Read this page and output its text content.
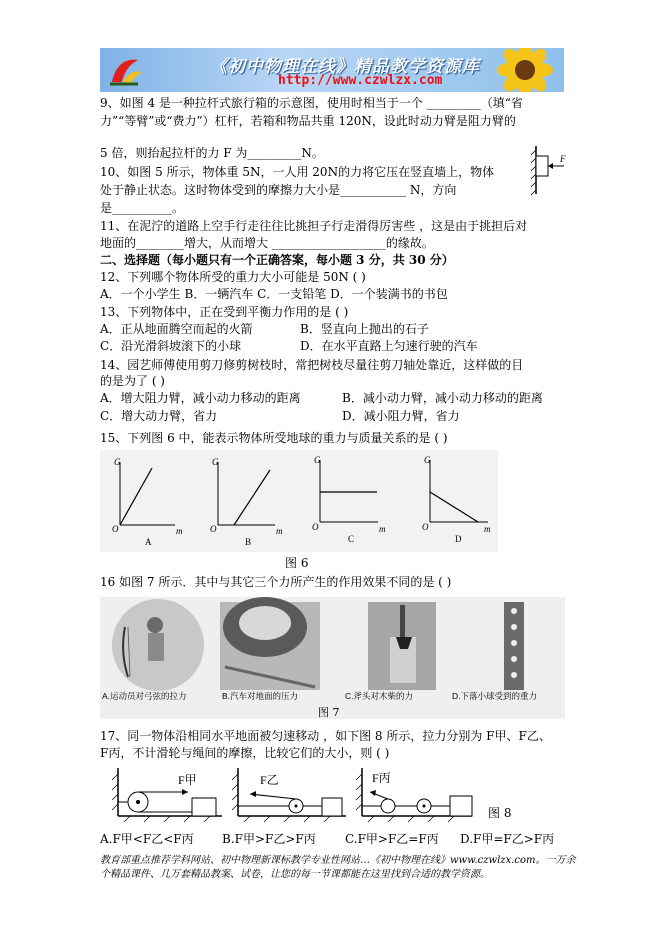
《初中物理在线》精品教学资源库
http://www.czwlzx.com
9、如图 4 是一种拉杆式旅行箱的示意图，使用时相当于一个 _________（填“省
力”“等臂”或“费力”）杠杆，若箱和物品共重 120N，设此时动力臂是阻力臂的
5 倍，则抬起拉杆的力 F 为_________N。	F
10、如图 5 所示，物体重 5N，一人用 20N的力将它压在竖直墙上，物体
处于静止状态。这时物体受到的摩擦力大小是___________ N，方向
是__________。
11、在泥泞的道路上空手行走往往比挑担子行走滑得厉害些 ，这是由于挑担后对
地面的________增大，从而增大 ___________________的缘故。
二、选择题（每小题只有一个正确答案，每小题 3 分，共 30 分）
12、下列哪个物体所受的重力大小可能是 50N ( )
A．一个小学生 B．一辆汽车 C．一支铅笔 D．一个装满书的书包
13、下列物体中，正在受到平衡力作用的是 ( )
A．正从地面腾空而起的火箭	B．竖直向上抛出的石子
C．沿光滑斜坡滚下的小球	D．在水平直路上匀速行驶的汽车
14、园艺师傅使用剪刀修剪树枝时，常把树枝尽量往剪刀轴处靠近，这样做的目
的是为了 ( )
A．增大阻力臂，减小动力移动的距离	B．减小动力臂，减小动力移动的距离
C．增大动力臂，省力	D．减小阻力臂，省力
15、下列图 6 中，能表示物体所受地球的重力与质量关系的是 ( )
G
m
O
A
G
m
O
B
G
m
O
C
G
m
O
D
图 6
16 如图 7 所示．其中与其它三个力所产生的作用效果不同的是 ( )
A.运动员对弓弦的拉力	B.汽车对地面的压力	C.斧头对木柴的力	D.下落小球受到的重力
图 7
17、同一物体沿相同水平地面被匀速移动 ，如下图 8 所示，拉力分别为 F甲、F乙、
F丙，不计滑轮与绳间的摩擦，比较它们的大小，则 ( )
F甲	F乙	F丙
图 8
A.F甲<F乙<F丙 B.F甲>F乙>F丙 C.F甲>F乙=F丙 D.F甲=F乙>F丙
教育部重点推荐学科网站、初中物理新课标教学专业性网站…《初中物理在线》www.czwlzx.com。一万余
个精品课件、几万套精品教案、试卷，让您的每一节课都能在这里找到合适的教学资源。
